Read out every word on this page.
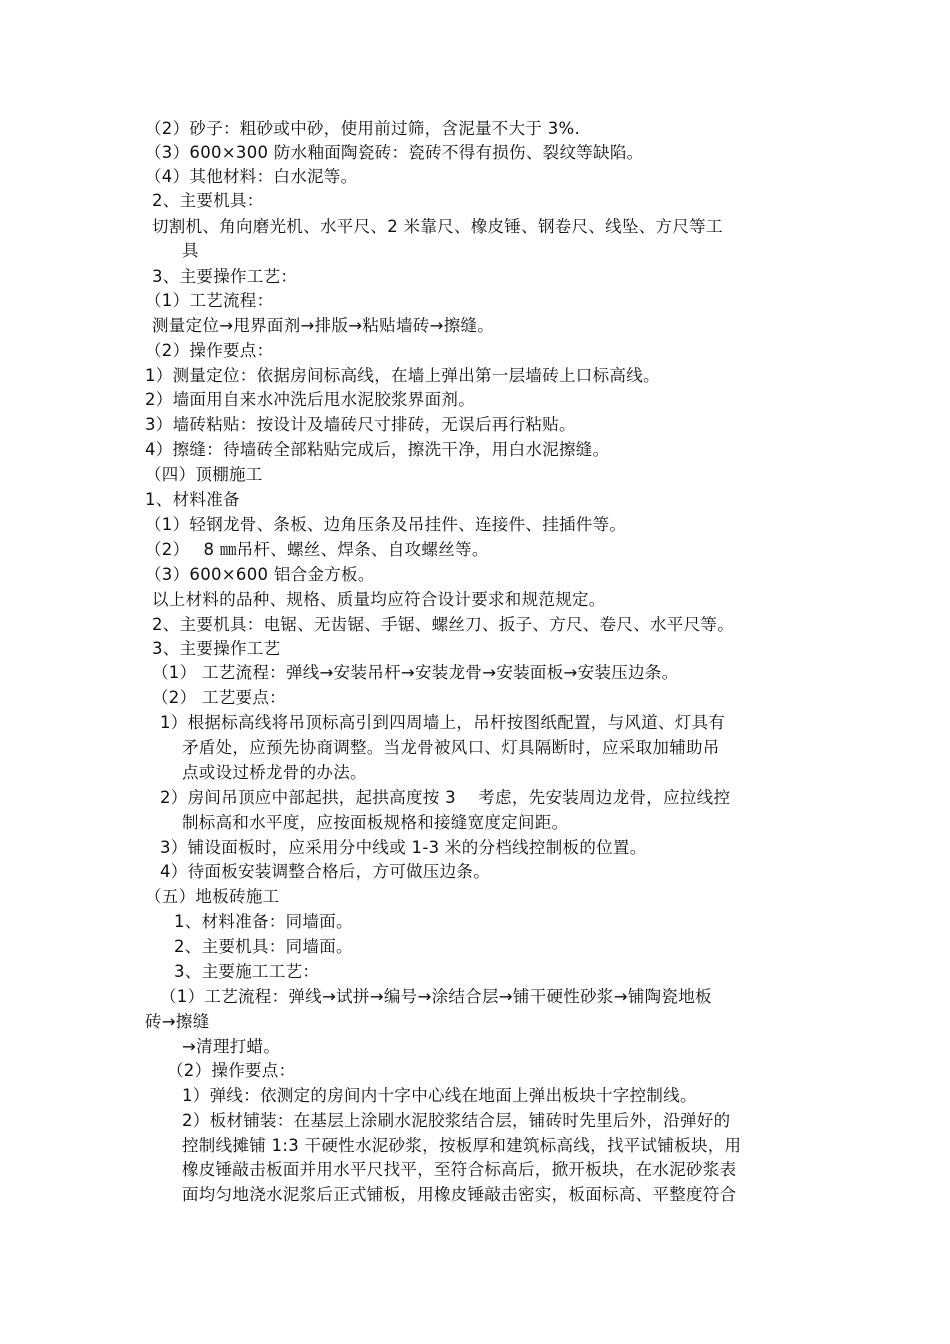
（2）砂子：粗砂或中砂，使用前过筛，含泥量不大于 3%.
（3）600×300 防水釉面陶瓷砖：瓷砖不得有损伤、裂纹等缺陷。
（4）其他材料：白水泥等。
2、主要机具：
切割机、角向磨光机、水平尺、2 米靠尺、橡皮锤、钢卷尺、线坠、方尺等工
具
3、主要操作工艺：
（1）工艺流程：
测量定位→甩界面剂→排版→粘贴墙砖→擦缝。
（2）操作要点：
1）测量定位：依据房间标高线，在墙上弹出第一层墙砖上口标高线。
2）墙面用自来水冲洗后甩水泥胶浆界面剂。
3）墙砖粘贴：按设计及墙砖尺寸排砖，无误后再行粘贴。
4）擦缝：待墙砖全部粘贴完成后，擦洗干净，用白水泥擦缝。
（四）顶棚施工
1、材料准备
（1）轻钢龙骨、条板、边角压条及吊挂件、连接件、挂插件等。
（2）　 8 ㎜吊杆、螺丝、焊条、自攻螺丝等。
（3）600×600 铝合金方板。
以上材料的品种、规格、质量均应符合设计要求和规范规定。
2、主要机具：电锯、无齿锯、手锯、螺丝刀、扳子、方尺、卷尺、水平尺等。
3、主要操作工艺
（1） 工艺流程：弹线→安装吊杆→安装龙骨→安装面板→安装压边条。
（2） 工艺要点：
1）根据标高线将吊顶标高引到四周墙上，吊杆按图纸配置，与风道、灯具有
矛盾处，应预先协商调整。当龙骨被风口、灯具隔断时，应采取加辅助吊
点或设过桥龙骨的办法。
2）房间吊顶应中部起拱，起拱高度按 3　 考虑，先安装周边龙骨，应拉线控
制标高和水平度，应按面板规格和接缝宽度定间距。
3）铺设面板时，应采用分中线或 1-3 米的分档线控制板的位置。
4）待面板安装调整合格后，方可做压边条。
（五）地板砖施工
1、材料准备：同墙面。
2、主要机具：同墙面。
3、主要施工工艺：
（1）工艺流程：弹线→试拼→编号→涂结合层→铺干硬性砂浆→铺陶瓷地板
砖→擦缝
→清理打蜡。
（2）操作要点：
1）弹线：依测定的房间内十字中心线在地面上弹出板块十字控制线。
2）板材铺装：在基层上涂刷水泥胶浆结合层，铺砖时先里后外，沿弹好的
控制线摊铺 1:3 干硬性水泥砂浆，按板厚和建筑标高线，找平试铺板块，用
橡皮锤敲击板面并用水平尺找平，至符合标高后，掀开板块，在水泥砂浆表
面均匀地浇水泥浆后正式铺板，用橡皮锤敲击密实，板面标高、平整度符合
